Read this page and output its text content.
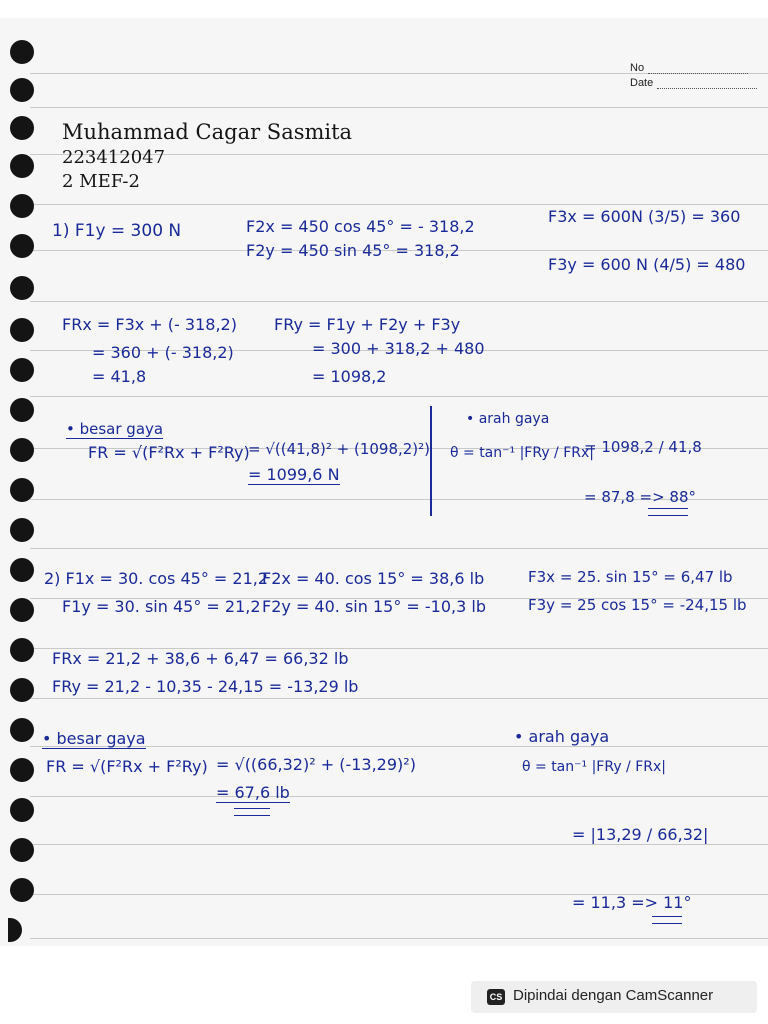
No
Date
Muhammad Cagar Sasmita
223412047
2 MEF-2
1) F1y = 300 N	F2x = 450 cos 45° = - 318,2
F2y = 450 sin 45° = 318,2
F3x = 600N (3/5) = 360
F3y = 600 N (4/5) = 480
FRx = F3x + (- 318,2)
= 360 + (- 318,2)
= 41,8
FRy = F1y + F2y + F3y
= 300 + 318,2 + 480
= 1098,2
• besar gaya
FR = √(F²Rx + F²Ry)
= √((41,8)² + (1098,2)²)
= 1099,6 N
• arah gaya
θ = tan⁻¹ |FRy / FRx|
= 1098,2 / 41,8
= 87,8 => 88°
2) F1x = 30. cos 45° = 21,2
F1y = 30. sin 45° = 21,2
F2x = 40. cos 15° = 38,6 lb
F2y = 40. sin 15° = -10,3 lb
F3x = 25. sin 15° = 6,47 lb
F3y = 25 cos 15° = -24,15 lb
FRx = 21,2 + 38,6 + 6,47 = 66,32 lb
FRy = 21,2 - 10,35 - 24,15 = -13,29 lb
• besar gaya
FR = √(F²Rx + F²Ry) = √((66,32)² + (-13,29)²)
= 67,6 lb
• arah gaya
θ = tan⁻¹ |FRy / FRx|
= |13,29 / 66,32|
= 11,3 => 11°
CS Dipindai dengan CamScanner
